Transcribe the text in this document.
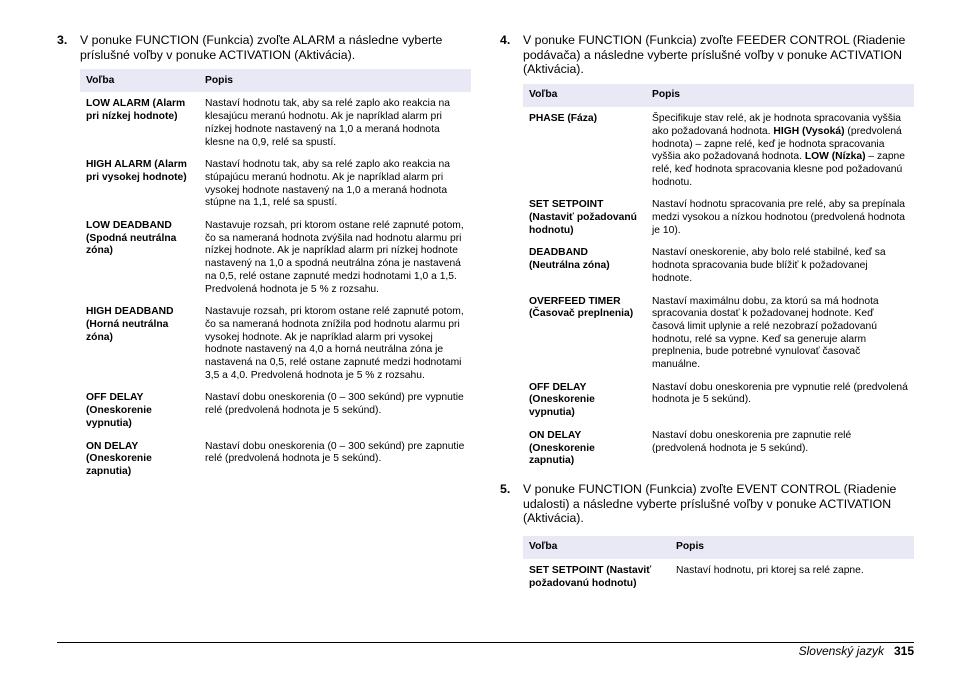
3. V ponuke FUNCTION (Funkcia) zvoľte ALARM a následne vyberte príslušné voľby v ponuke ACTIVATION (Aktivácia).
Voľba	Popis
LOW ALARM (Alarm pri nízkej hodnote)	Nastaví hodnotu tak, aby sa relé zaplo ako reakcia na klesajúcu meranú hodnotu. Ak je napríklad alarm pri nízkej hodnote nastavený na 1,0 a meraná hodnota klesne na 0,9, relé sa spustí.
HIGH ALARM (Alarm pri vysokej hodnote)	Nastaví hodnotu tak, aby sa relé zaplo ako reakcia na stúpajúcu meranú hodnotu. Ak je napríklad alarm pri vysokej hodnote nastavený na 1,0 a meraná hodnota stúpne na 1,1, relé sa spustí.
LOW DEADBAND (Spodná neutrálna zóna)	Nastavuje rozsah, pri ktorom ostane relé zapnuté potom, čo sa nameraná hodnota zvýšila nad hodnotu alarmu pri nízkej hodnote. Ak je napríklad alarm pri nízkej hodnote nastavený na 1,0 a spodná neutrálna zóna je nastavená na 0,5, relé ostane zapnuté medzi hodnotami 1,0 a 1,5. Predvolená hodnota je 5 % z rozsahu.
HIGH DEADBAND (Horná neutrálna zóna)	Nastavuje rozsah, pri ktorom ostane relé zapnuté potom, čo sa nameraná hodnota znížila pod hodnotu alarmu pri vysokej hodnote. Ak je napríklad alarm pri vysokej hodnote nastavený na 4,0 a horná neutrálna zóna je nastavená na 0,5, relé ostane zapnuté medzi hodnotami 3,5 a 4,0. Predvolená hodnota je 5 % z rozsahu.
OFF DELAY (Oneskorenie vypnutia)	Nastaví dobu oneskorenia (0 – 300 sekúnd) pre vypnutie relé (predvolená hodnota je 5 sekúnd).
ON DELAY (Oneskorenie zapnutia)	Nastaví dobu oneskorenia (0 – 300 sekúnd) pre zapnutie relé (predvolená hodnota je 5 sekúnd).
4. V ponuke FUNCTION (Funkcia) zvoľte FEEDER CONTROL (Riadenie podávača) a následne vyberte príslušné voľby v ponuke ACTIVATION (Aktivácia).
Voľba	Popis
PHASE (Fáza)	Špecifikuje stav relé, ak je hodnota spracovania vyššia ako požadovaná hodnota. HIGH (Vysoká) (predvolená hodnota) – zapne relé, keď je hodnota spracovania vyššia ako požadovaná hodnota. LOW (Nízka) – zapne relé, keď hodnota spracovania klesne pod požadovanú hodnotu.
SET SETPOINT (Nastaviť požadovanú hodnotu)	Nastaví hodnotu spracovania pre relé, aby sa prepínala medzi vysokou a nízkou hodnotou (predvolená hodnota je 10).
DEADBAND (Neutrálna zóna)	Nastaví oneskorenie, aby bolo relé stabilné, keď sa hodnota spracovania bude blížiť k požadovanej hodnote.
OVERFEED TIMER (Časovač preplnenia)	Nastaví maximálnu dobu, za ktorú sa má hodnota spracovania dostať k požadovanej hodnote. Keď časová limit uplynie a relé nezobrazí požadovanú hodnotu, relé sa vypne. Keď sa generuje alarm preplnenia, bude potrebné vynulovať časovač manuálne.
OFF DELAY (Oneskorenie vypnutia)	Nastaví dobu oneskorenia pre vypnutie relé (predvolená hodnota je 5 sekúnd).
ON DELAY (Oneskorenie zapnutia)	Nastaví dobu oneskorenia pre zapnutie relé (predvolená hodnota je 5 sekúnd).
5. V ponuke FUNCTION (Funkcia) zvoľte EVENT CONTROL (Riadenie udalosti) a následne vyberte príslušné voľby v ponuke ACTIVATION (Aktivácia).
Voľba	Popis
SET SETPOINT (Nastaviť požadovanú hodnotu)	Nastaví hodnotu, pri ktorej sa relé zapne.
Slovenský jazyk 315
